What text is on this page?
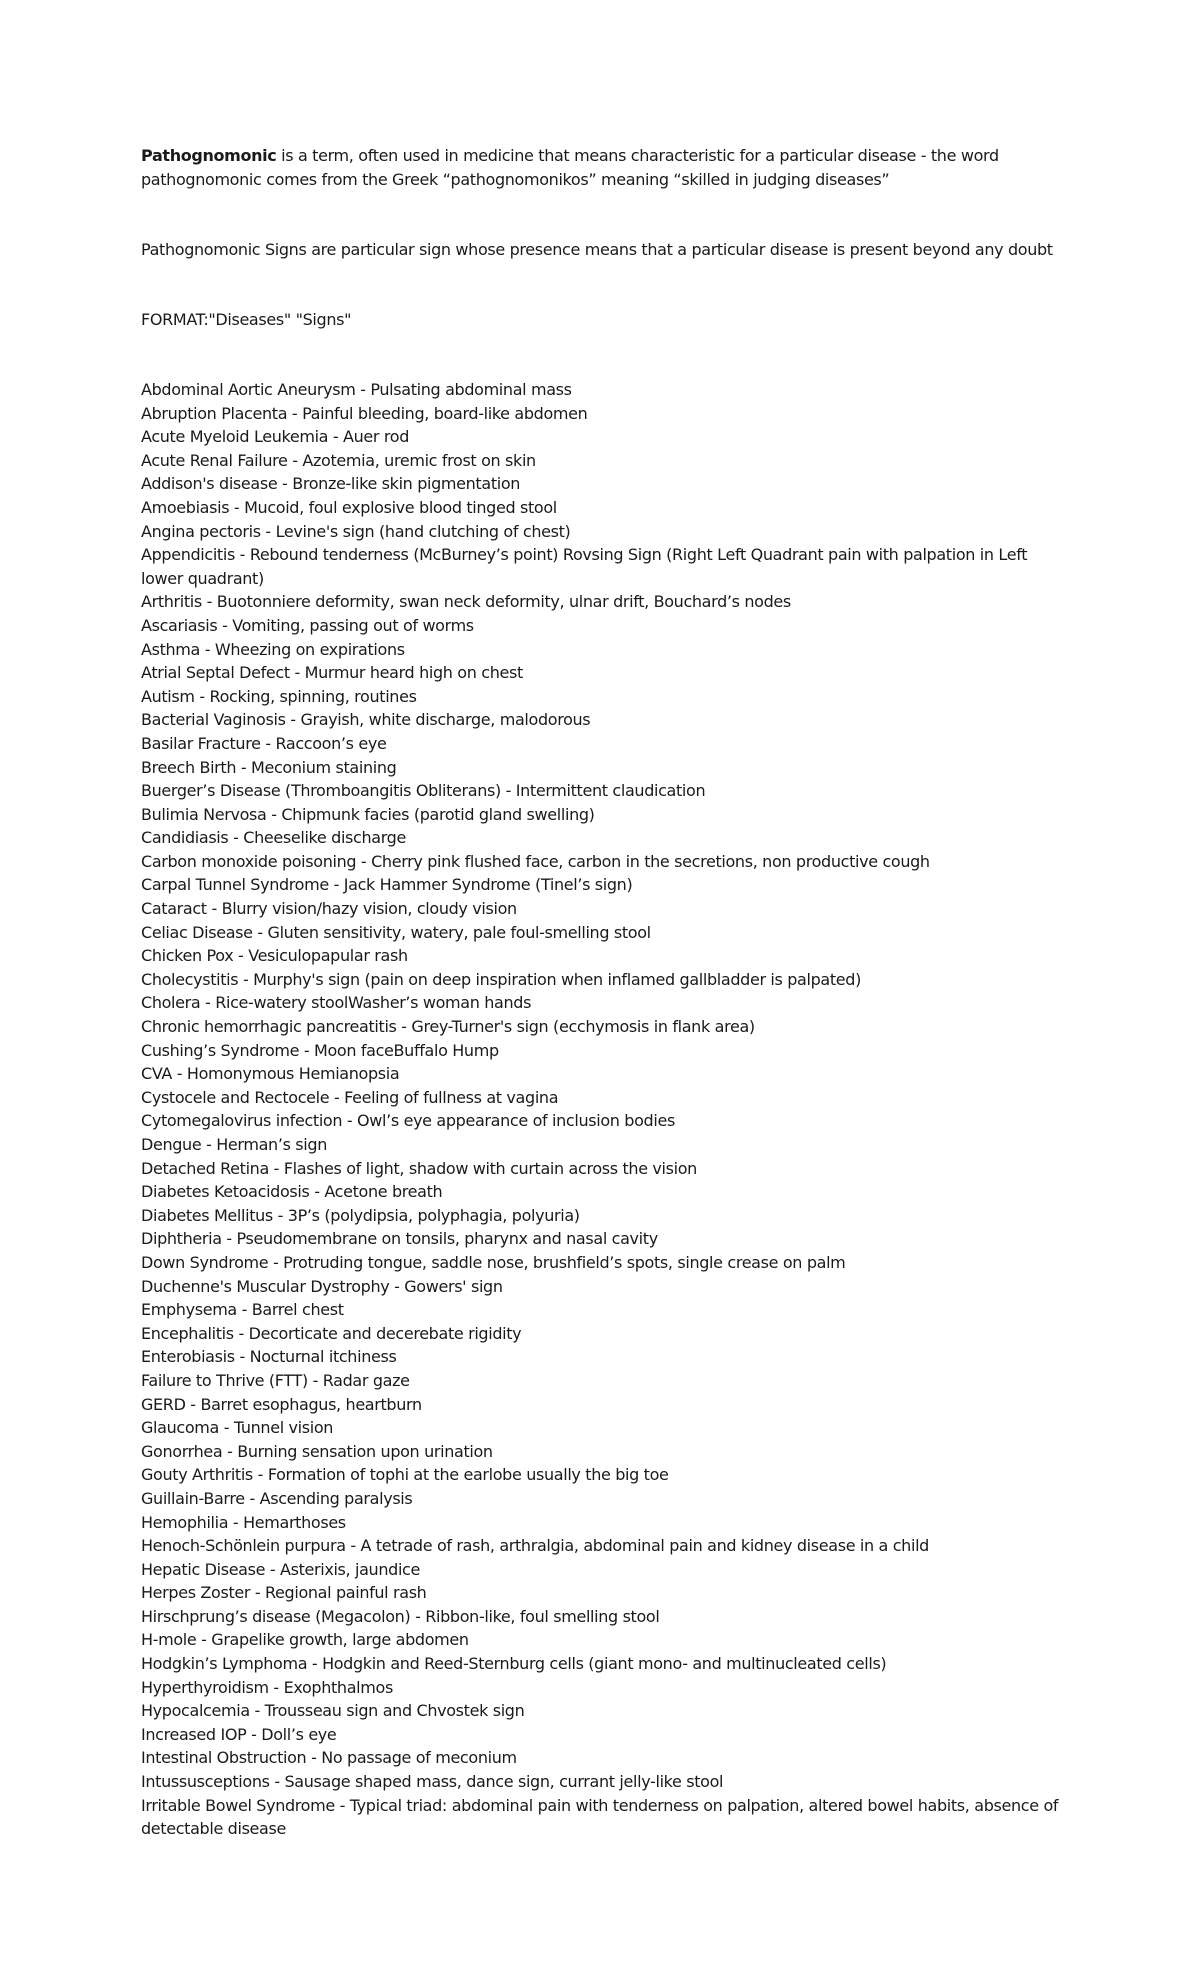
Pathognomonic is a term, often used in medicine that means characteristic for a particular disease - the word pathognomonic comes from the Greek “pathognomonikos” meaning “skilled in judging diseases”

Pathognomonic Signs are particular sign whose presence means that a particular disease is present beyond any doubt

FORMAT:"Diseases" "Signs"

Abdominal Aortic Aneurysm - Pulsating abdominal mass
Abruption Placenta - Painful bleeding, board-like abdomen
Acute Myeloid Leukemia - Auer rod
Acute Renal Failure - Azotemia, uremic frost on skin
Addison's disease - Bronze-like skin pigmentation
Amoebiasis - Mucoid, foul explosive blood tinged stool
Angina pectoris - Levine's sign (hand clutching of chest)
Appendicitis - Rebound tenderness (McBurney’s point) Rovsing Sign (Right Left Quadrant pain with palpation in Left lower quadrant)
Arthritis - Buotonniere deformity, swan neck deformity, ulnar drift, Bouchard’s nodes
Ascariasis - Vomiting, passing out of worms
Asthma - Wheezing on expirations
Atrial Septal Defect - Murmur heard high on chest
Autism - Rocking, spinning, routines
Bacterial Vaginosis - Grayish, white discharge, malodorous
Basilar Fracture - Raccoon’s eye
Breech Birth - Meconium staining
Buerger’s Disease (Thromboangitis Obliterans) - Intermittent claudication
Bulimia Nervosa - Chipmunk facies (parotid gland swelling)
Candidiasis - Cheeselike discharge
Carbon monoxide poisoning - Cherry pink flushed face, carbon in the secretions, non productive cough
Carpal Tunnel Syndrome - Jack Hammer Syndrome (Tinel’s sign)
Cataract - Blurry vision/hazy vision, cloudy vision
Celiac Disease - Gluten sensitivity, watery, pale foul-smelling stool
Chicken Pox - Vesiculopapular rash
Cholecystitis - Murphy's sign (pain on deep inspiration when inflamed gallbladder is palpated)
Cholera - Rice-watery stoolWasher’s woman hands
Chronic hemorrhagic pancreatitis - Grey-Turner's sign (ecchymosis in flank area)
Cushing’s Syndrome - Moon faceBuffalo Hump
CVA - Homonymous Hemianopsia
Cystocele and Rectocele - Feeling of fullness at vagina
Cytomegalovirus infection - Owl’s eye appearance of inclusion bodies
Dengue - Herman’s sign
Detached Retina - Flashes of light, shadow with curtain across the vision
Diabetes Ketoacidosis - Acetone breath
Diabetes Mellitus - 3P’s (polydipsia, polyphagia, polyuria)
Diphtheria - Pseudomembrane on tonsils, pharynx and nasal cavity
Down Syndrome - Protruding tongue, saddle nose, brushfield’s spots, single crease on palm
Duchenne's Muscular Dystrophy - Gowers' sign
Emphysema - Barrel chest
Encephalitis - Decorticate and decerebate rigidity
Enterobiasis - Nocturnal itchiness
Failure to Thrive (FTT) - Radar gaze
GERD - Barret esophagus, heartburn
Glaucoma - Tunnel vision
Gonorrhea - Burning sensation upon urination
Gouty Arthritis - Formation of tophi at the earlobe usually the big toe
Guillain-Barre - Ascending paralysis
Hemophilia - Hemarthoses
Henoch-Schönlein purpura - A tetrade of rash, arthralgia, abdominal pain and kidney disease in a child
Hepatic Disease - Asterixis, jaundice
Herpes Zoster - Regional painful rash
Hirschprung’s disease (Megacolon) - Ribbon-like, foul smelling stool
H-mole - Grapelike growth, large abdomen
Hodgkin’s Lymphoma - Hodgkin and Reed-Sternburg cells (giant mono- and multinucleated cells)
Hyperthyroidism - Exophthalmos
Hypocalcemia - Trousseau sign and Chvostek sign
Increased IOP - Doll’s eye
Intestinal Obstruction - No passage of meconium
Intussusceptions - Sausage shaped mass, dance sign, currant jelly-like stool
Irritable Bowel Syndrome - Typical triad: abdominal pain with tenderness on palpation, altered bowel habits, absence of detectable disease
